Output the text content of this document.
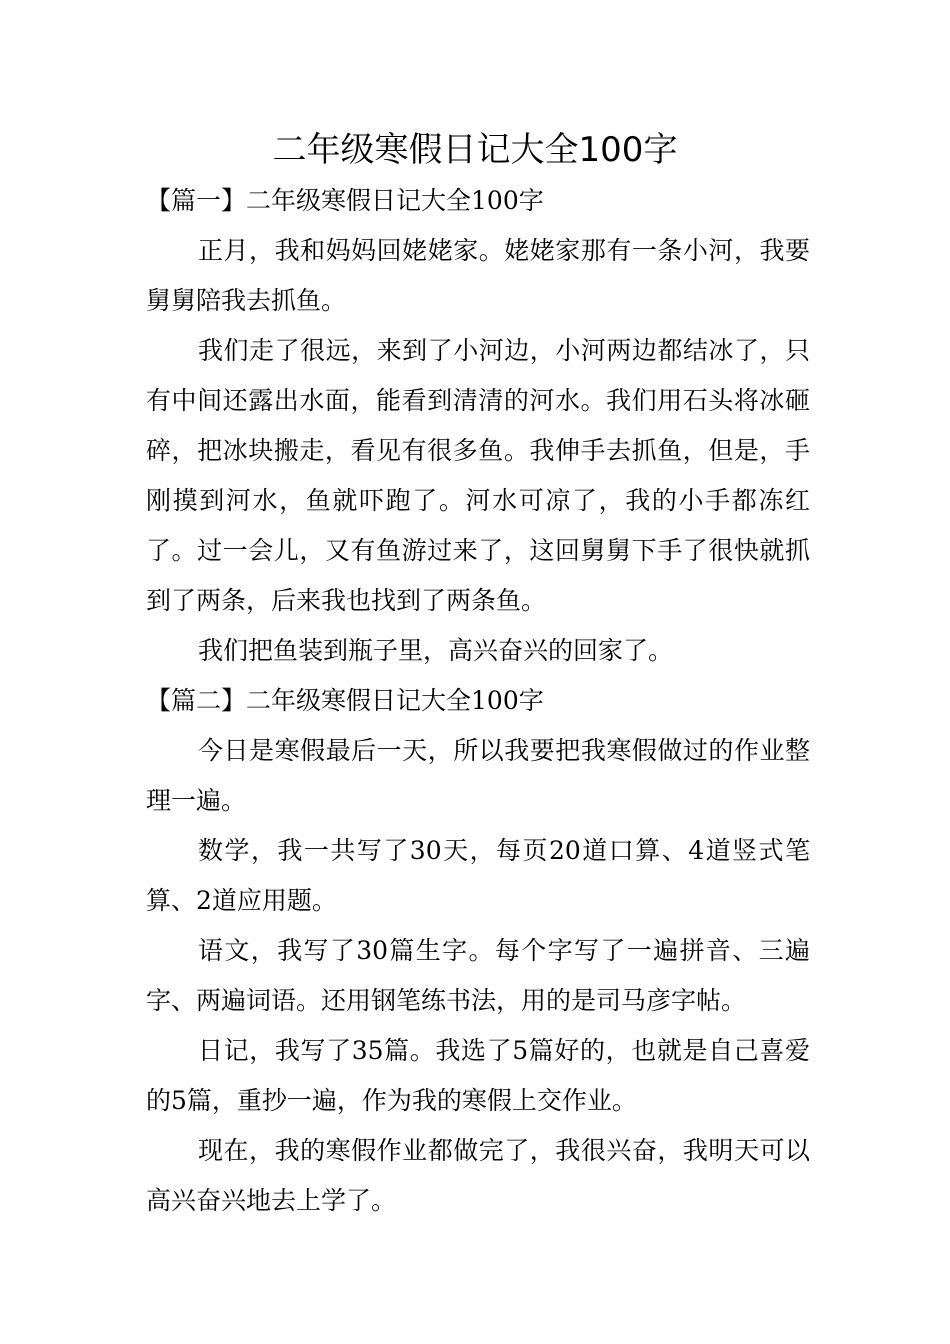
二年级寒假日记大全100字

【篇一】二年级寒假日记大全100字

正月，我和妈妈回姥姥家。姥姥家那有一条小河，我要舅舅陪我去抓鱼。

我们走了很远，来到了小河边，小河两边都结冰了，只有中间还露出水面，能看到清清的河水。我们用石头将冰砸碎，把冰块搬走，看见有很多鱼。我伸手去抓鱼，但是，手刚摸到河水，鱼就吓跑了。河水可凉了，我的小手都冻红了。过一会儿，又有鱼游过来了，这回舅舅下手了很快就抓到了两条，后来我也找到了两条鱼。

我们把鱼装到瓶子里，高兴奋兴的回家了。

【篇二】二年级寒假日记大全100字

今日是寒假最后一天，所以我要把我寒假做过的作业整理一遍。

数学，我一共写了30天，每页20道口算、4道竖式笔算、2道应用题。

语文，我写了30篇生字。每个字写了一遍拼音、三遍字、两遍词语。还用钢笔练书法，用的是司马彦字帖。

日记，我写了35篇。我选了5篇好的，也就是自己喜爱的5篇，重抄一遍，作为我的寒假上交作业。

现在，我的寒假作业都做完了，我很兴奋，我明天可以高兴奋兴地去上学了。
